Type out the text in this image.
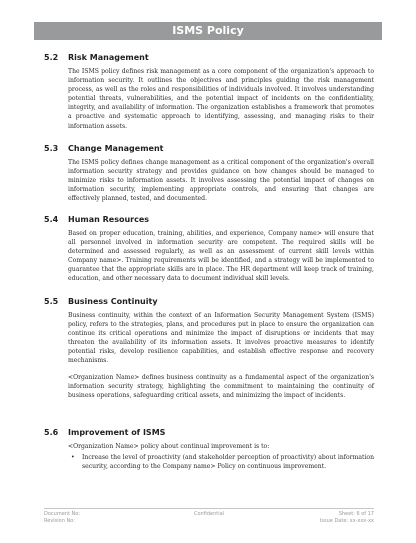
ISMS Policy
5.2 Risk Management

The ISMS policy defines risk management as a core component of the organization's approach to information security. It outlines the objectives and principles guiding the risk management process, as well as the roles and responsibilities of individuals involved. It involves understanding potential threats, vulnerabilities, and the potential impact of incidents on the confidentiality, integrity, and availability of information. The organization establishes a framework that promotes a proactive and systematic approach to identifying, assessing, and managing risks to their information assets.

5.3 Change Management

The ISMS policy defines change management as a critical component of the organization's overall information security strategy and provides guidance on how changes should be managed to minimize risks to information assets. It involves assessing the potential impact of changes on information security, implementing appropriate controls, and ensuring that changes are effectively planned, tested, and documented.

5.4 Human Resources

Based on proper education, training, abilities, and experience, Company name> will ensure that all personnel involved in information security are competent. The required skills will be determined and assessed regularly, as well as an assessment of current skill levels within Company name>. Training requirements will be identified, and a strategy will be implemented to guarantee that the appropriate skills are in place. The HR department will keep track of training, education, and other necessary data to document individual skill levels.

5.5 Business Continuity

Business continuity, within the context of an Information Security Management System (ISMS) policy, refers to the strategies, plans, and procedures put in place to ensure the organization can continue its critical operations and minimize the impact of disruptions or incidents that may threaten the availability of its information assets. It involves proactive measures to identify potential risks, develop resilience capabilities, and establish effective response and recovery mechanisms.

<Organization Name> defines business continuity as a fundamental aspect of the organization's information security strategy, highlighting the commitment to maintaining the continuity of business operations, safeguarding critical assets, and minimizing the impact of incidents.

5.6 Improvement of ISMS

<Organization Name> policy about continual improvement is to:

• Increase the level of proactivity (and stakeholder perception of proactivity) about information security, according to the Company name> Policy on continuous improvement.
Document No:	Confidential	Sheet: 6 of 17
Revision No:	Issue Date: xx-xxx-xx
